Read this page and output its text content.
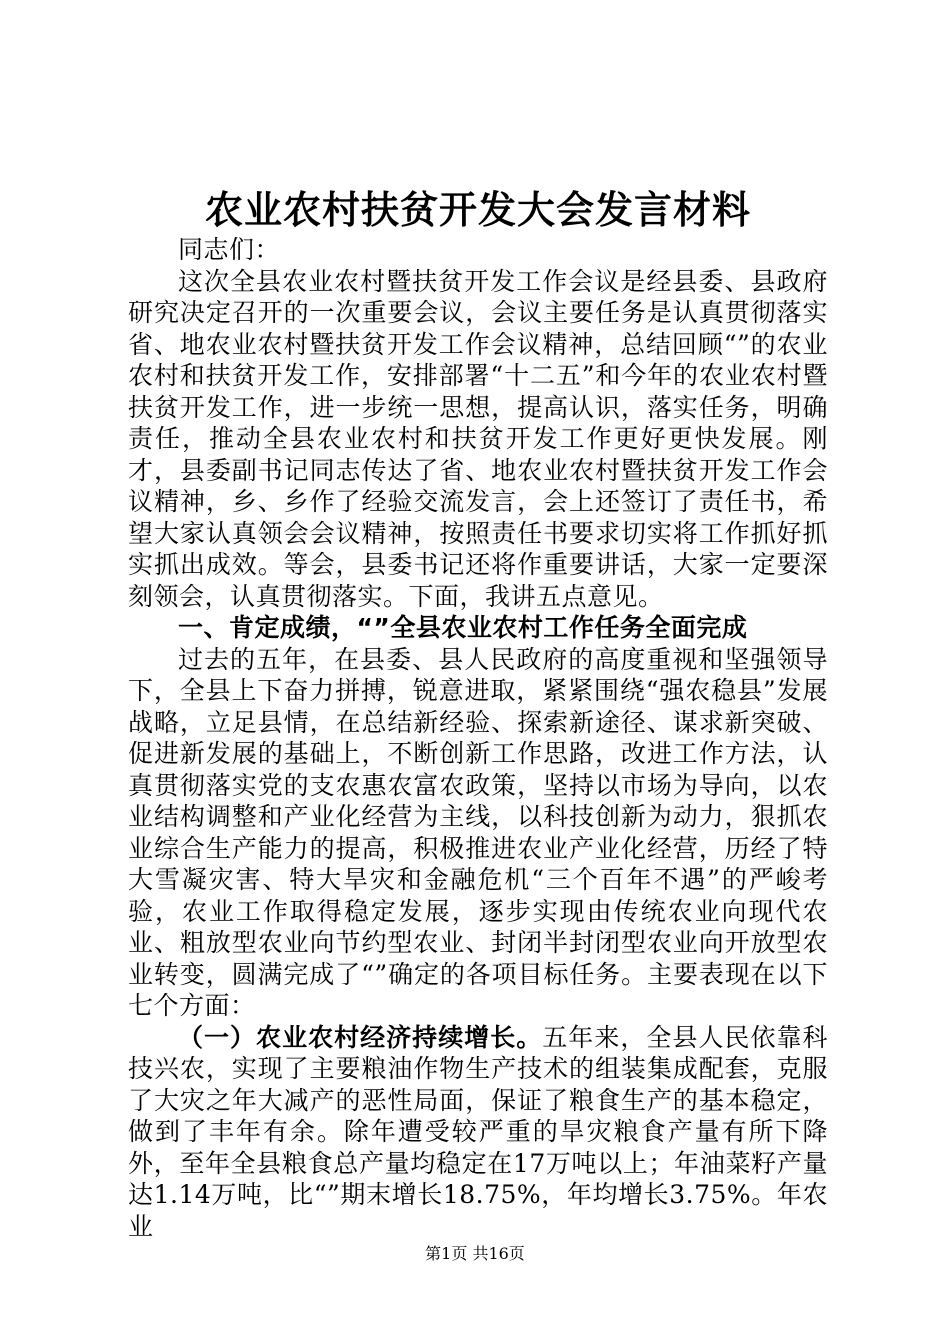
农业农村扶贫开发大会发言材料

同志们：

这次全县农业农村暨扶贫开发工作会议是经县委、县政府研究决定召开的一次重要会议，会议主要任务是认真贯彻落实省、地农业农村暨扶贫开发工作会议精神，总结回顾“”的农业农村和扶贫开发工作，安排部署“十二五”和今年的农业农村暨扶贫开发工作，进一步统一思想，提高认识，落实任务，明确责任，推动全县农业农村和扶贫开发工作更好更快发展。刚才，县委副书记同志传达了省、地农业农村暨扶贫开发工作会议精神，乡、乡作了经验交流发言，会上还签订了责任书，希望大家认真领会会议精神，按照责任书要求切实将工作抓好抓实抓出成效。等会，县委书记还将作重要讲话，大家一定要深刻领会，认真贯彻落实。下面，我讲五点意见。

一、肯定成绩，“”全县农业农村工作任务全面完成

过去的五年，在县委、县人民政府的高度重视和坚强领导下，全县上下奋力拼搏，锐意进取，紧紧围绕“强农稳县”发展战略，立足县情，在总结新经验、探索新途径、谋求新突破、促进新发展的基础上，不断创新工作思路，改进工作方法，认真贯彻落实党的支农惠农富农政策，坚持以市场为导向，以农业结构调整和产业化经营为主线，以科技创新为动力，狠抓农业综合生产能力的提高，积极推进农业产业化经营，历经了特大雪凝灾害、特大旱灾和金融危机“三个百年不遇”的严峻考验，农业工作取得稳定发展，逐步实现由传统农业向现代农业、粗放型农业向节约型农业、封闭半封闭型农业向开放型农业转变，圆满完成了“”确定的各项目标任务。主要表现在以下七个方面：

（一）农业农村经济持续增长。五年来，全县人民依靠科技兴农，实现了主要粮油作物生产技术的组装集成配套，克服了大灾之年大减产的恶性局面，保证了粮食生产的基本稳定，做到了丰年有余。除年遭受较严重的旱灾粮食产量有所下降外，至年全县粮食总产量均稳定在17万吨以上；年油菜籽产量达1.14万吨，比“”期末增长18.75%，年均增长3.75%。年农业

第1页 共16页
